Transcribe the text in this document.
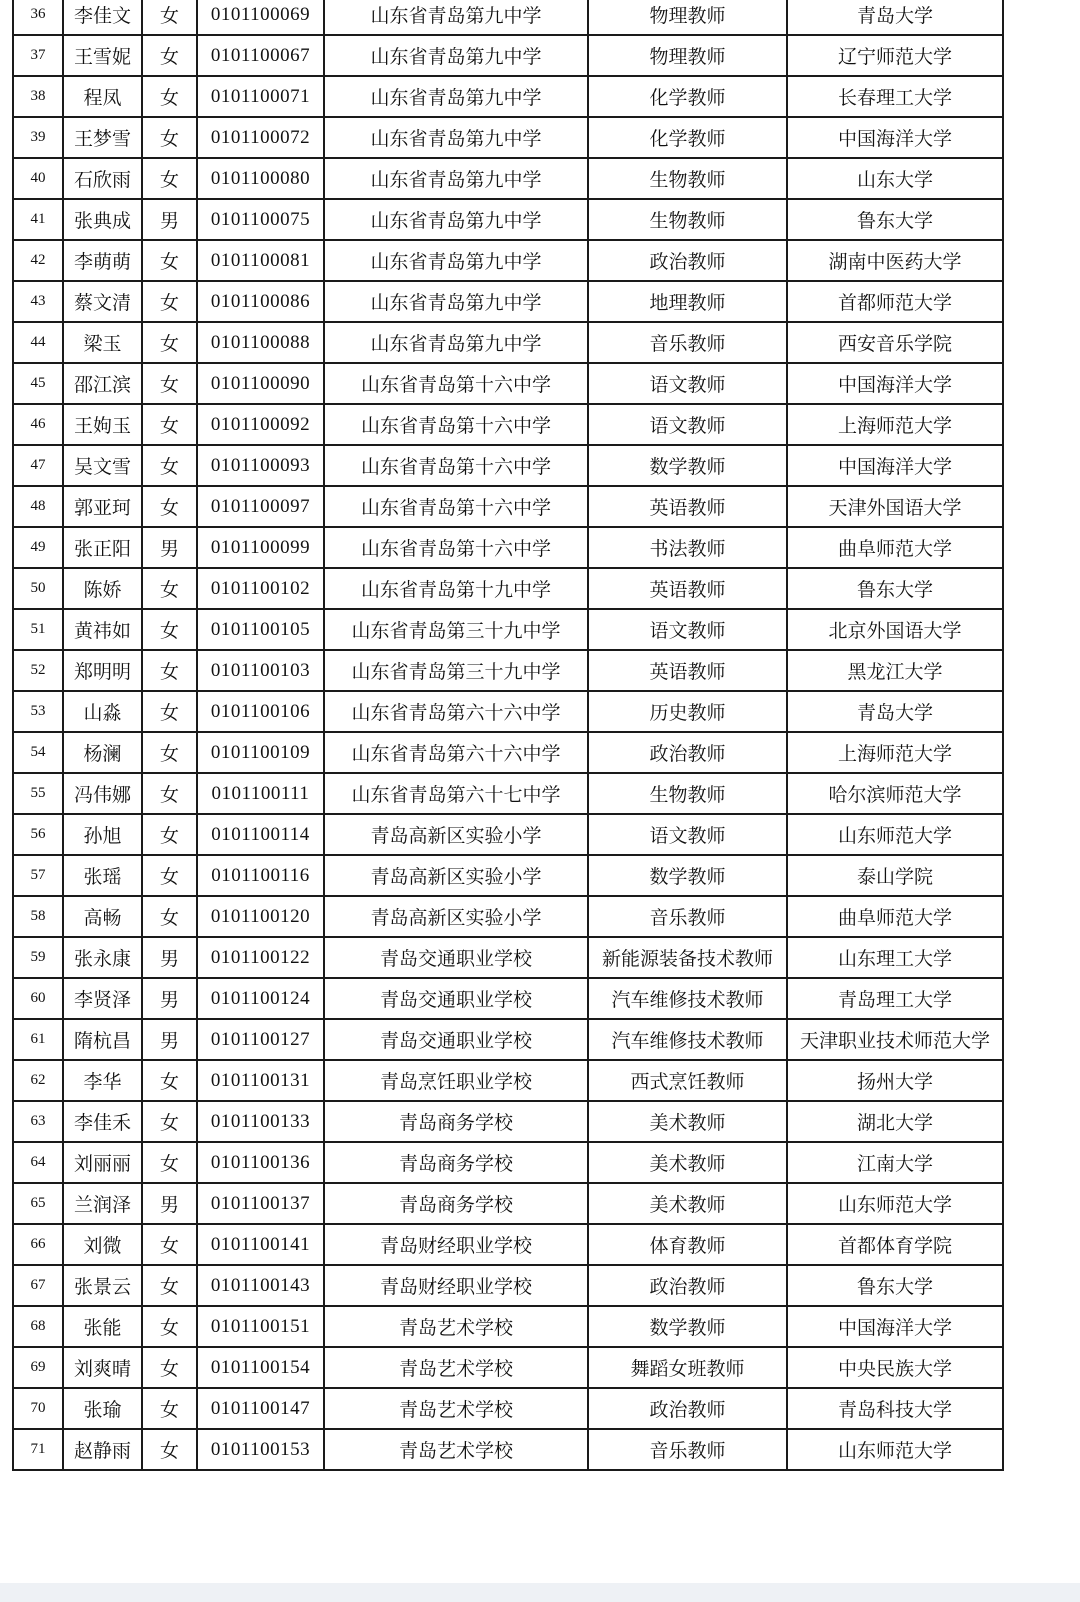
36	李佳文	女	0101100069	山东省青岛第九中学	物理教师	青岛大学
37	王雪妮	女	0101100067	山东省青岛第九中学	物理教师	辽宁师范大学
38	程凤	女	0101100071	山东省青岛第九中学	化学教师	长春理工大学
39	王梦雪	女	0101100072	山东省青岛第九中学	化学教师	中国海洋大学
40	石欣雨	女	0101100080	山东省青岛第九中学	生物教师	山东大学
41	张典成	男	0101100075	山东省青岛第九中学	生物教师	鲁东大学
42	李萌萌	女	0101100081	山东省青岛第九中学	政治教师	湖南中医药大学
43	蔡文清	女	0101100086	山东省青岛第九中学	地理教师	首都师范大学
44	梁玉	女	0101100088	山东省青岛第九中学	音乐教师	西安音乐学院
45	邵江滨	女	0101100090	山东省青岛第十六中学	语文教师	中国海洋大学
46	王姁玉	女	0101100092	山东省青岛第十六中学	语文教师	上海师范大学
47	吴文雪	女	0101100093	山东省青岛第十六中学	数学教师	中国海洋大学
48	郭亚珂	女	0101100097	山东省青岛第十六中学	英语教师	天津外国语大学
49	张正阳	男	0101100099	山东省青岛第十六中学	书法教师	曲阜师范大学
50	陈娇	女	0101100102	山东省青岛第十九中学	英语教师	鲁东大学
51	黄祎如	女	0101100105	山东省青岛第三十九中学	语文教师	北京外国语大学
52	郑明明	女	0101100103	山东省青岛第三十九中学	英语教师	黑龙江大学
53	山淼	女	0101100106	山东省青岛第六十六中学	历史教师	青岛大学
54	杨澜	女	0101100109	山东省青岛第六十六中学	政治教师	上海师范大学
55	冯伟娜	女	0101100111	山东省青岛第六十七中学	生物教师	哈尔滨师范大学
56	孙旭	女	0101100114	青岛高新区实验小学	语文教师	山东师范大学
57	张瑶	女	0101100116	青岛高新区实验小学	数学教师	泰山学院
58	高畅	女	0101100120	青岛高新区实验小学	音乐教师	曲阜师范大学
59	张永康	男	0101100122	青岛交通职业学校	新能源装备技术教师	山东理工大学
60	李贤泽	男	0101100124	青岛交通职业学校	汽车维修技术教师	青岛理工大学
61	隋杭昌	男	0101100127	青岛交通职业学校	汽车维修技术教师	天津职业技术师范大学
62	李华	女	0101100131	青岛烹饪职业学校	西式烹饪教师	扬州大学
63	李佳禾	女	0101100133	青岛商务学校	美术教师	湖北大学
64	刘丽丽	女	0101100136	青岛商务学校	美术教师	江南大学
65	兰润泽	男	0101100137	青岛商务学校	美术教师	山东师范大学
66	刘微	女	0101100141	青岛财经职业学校	体育教师	首都体育学院
67	张景云	女	0101100143	青岛财经职业学校	政治教师	鲁东大学
68	张能	女	0101100151	青岛艺术学校	数学教师	中国海洋大学
69	刘爽晴	女	0101100154	青岛艺术学校	舞蹈女班教师	中央民族大学
70	张瑜	女	0101100147	青岛艺术学校	政治教师	青岛科技大学
71	赵静雨	女	0101100153	青岛艺术学校	音乐教师	山东师范大学
